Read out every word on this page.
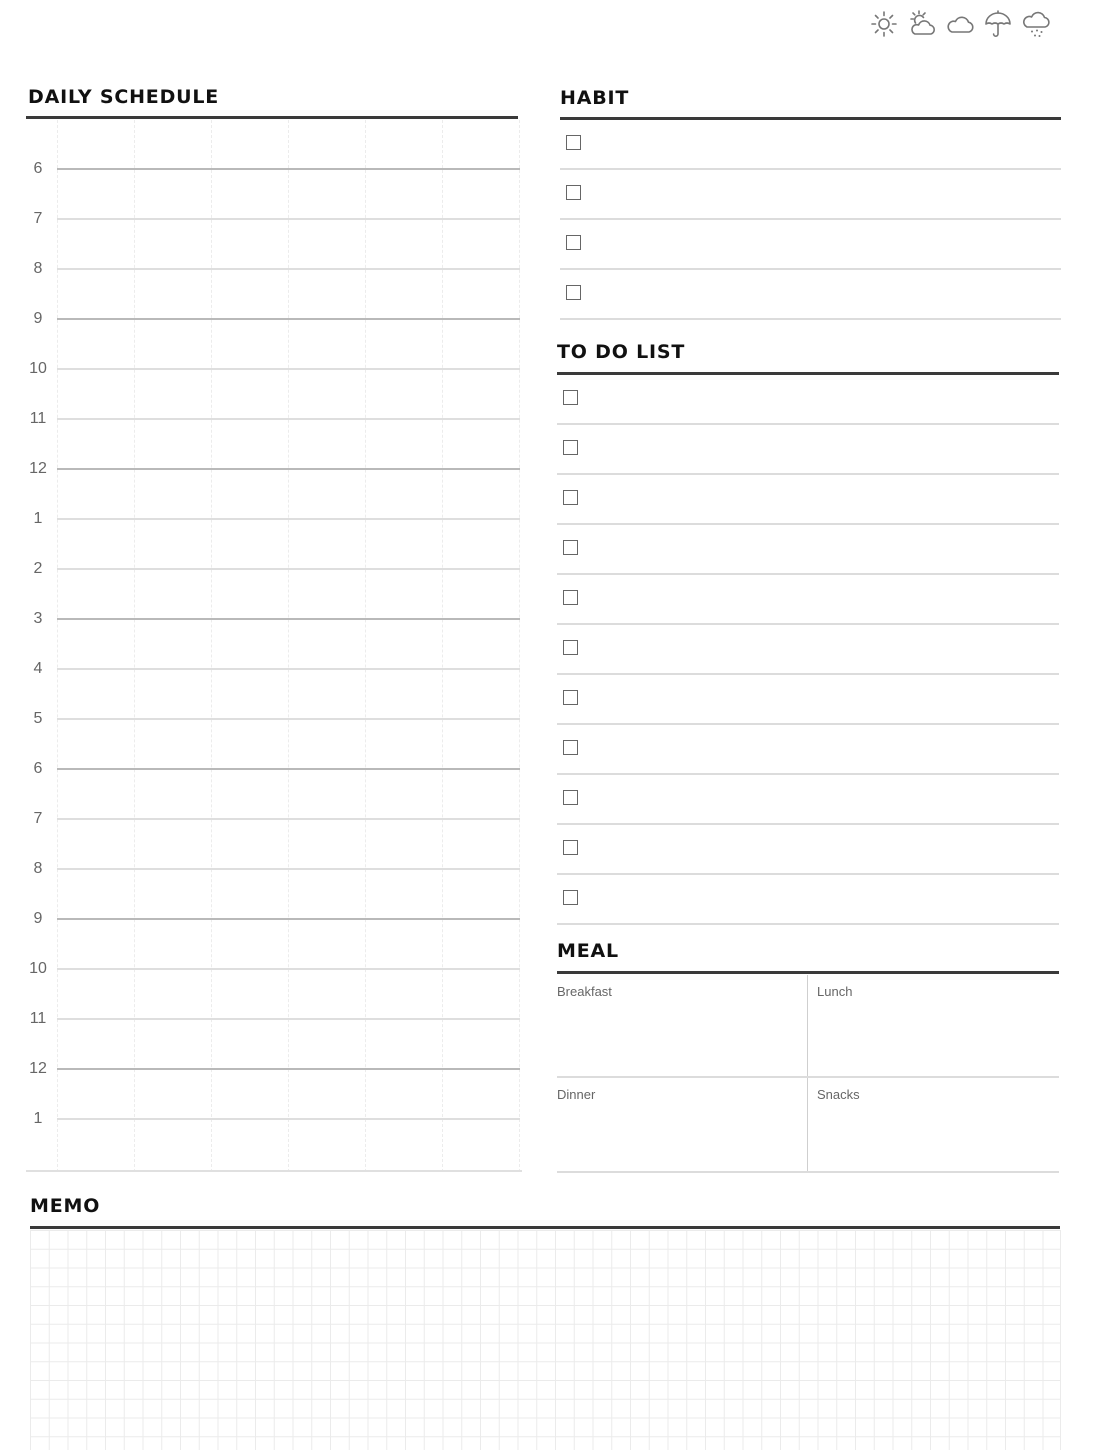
DAILY SCHEDULE
6
7
8
9
10
11
12
1
2
3
4
5
6
7
8
9
10
11
12
1
HABIT
TO DO LIST
MEAL
Breakfast	Lunch
Dinner	Snacks
MEMO
